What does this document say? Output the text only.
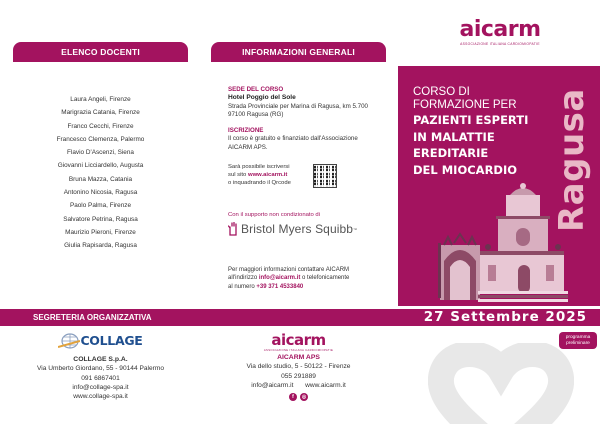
ELENCO DOCENTI
Laura Angeli, Firenze
Marigrazia Catania, Firenze
Franco Cecchi, Firenze
Francesco Clemenza, Palermo
Flavio D'Ascenzi, Siena
Giovanni Licciardello, Augusta
Bruna Mazza, Catania
Antonino Nicosia, Ragusa
Paolo Palma, Firenze
Salvatore Petrina, Ragusa
Maurizio Pieroni, Firenze
Giulia Rapisarda, Ragusa
INFORMAZIONI GENERALI
SEDE DEL CORSO
Hotel Poggio del Sole
Strada Provinciale per Marina di Ragusa, km 5.700
97100 Ragusa (RG)
ISCRIZIONE
Il corso è gratuito e finanziato dall'Associazione
AICARM APS.
Sarà possibile iscriversi
sul sito www.aicarm.it
o inquadrando il Qrcode
Con il supporto non condizionato di
Bristol Myers Squibb ™
Per maggiori informazioni contattare AICARM
all'indirizzo info@aicarm.it o telefonicamente
al numero +39 371 4533840
aicarm
ASSOCIAZIONE ITALIANA CARDIOMIOPATIE
CORSO DI
FORMAZIONE PER
PAZIENTI ESPERTI
IN MALATTIE
EREDITARIE
DEL MIOCARDIO	Ragusa
SEGRETERIA ORGANIZZATIVA	27 Settembre 2025
programma
preliminare
COLLAGE
COLLAGE S.p.A.
Via Umberto Giordano, 55 - 90144 Palermo
091 6867401
info@collage-spa.it
www.collage-spa.it
aicarm
ASSOCIAZIONE ITALIANA CARDIOMIOPATIE
AICARM APS
Via dello studio, 5 - 50122 - Firenze
055 291889
info@aicarm.it www.aicarm.it
f	◎
